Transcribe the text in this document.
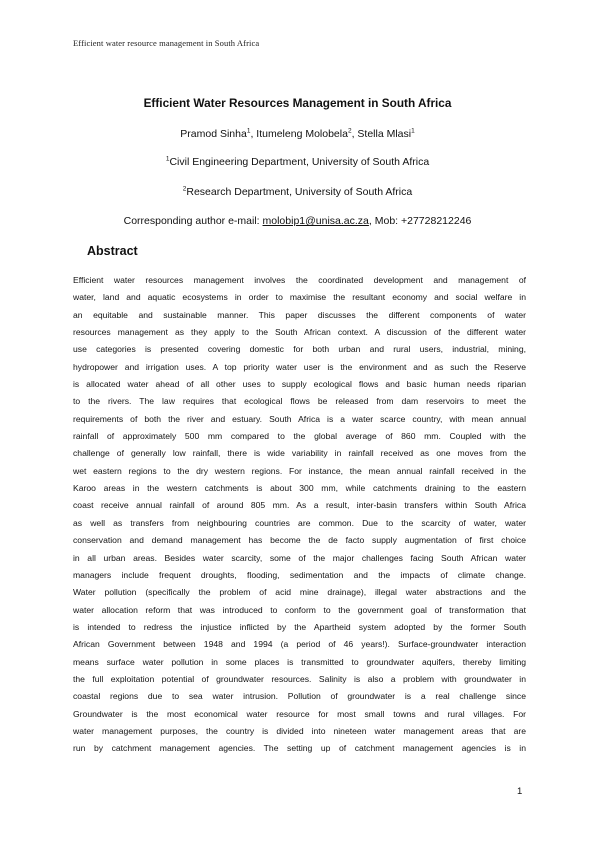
Efficient water resource management in South Africa
Efficient Water Resources Management in South Africa
Pramod Sinha$^1$, Itumeleng Molobela$^2$, Stella Mlasi$^1$
$^1$Civil Engineering Department, University of South Africa
$^2$Research Department, University of South Africa
Corresponding author e-mail: molobip1@unisa.ac.za, Mob: +27728212246
Abstract
Efficient water resources management involves the coordinated development and management of
water, land and aquatic ecosystems in order to maximise the resultant economy and social welfare in
an equitable and sustainable manner. This paper discusses the different components of water
resources management as they apply to the South African context. A discussion of the different water
use categories is presented covering domestic for both urban and rural users, industrial, mining,
hydropower and irrigation uses. A top priority water user is the environment and as such the Reserve
is allocated water ahead of all other uses to supply ecological flows and basic human needs riparian
to the rivers. The law requires that ecological flows be released from dam reservoirs to meet the
requirements of both the river and estuary. South Africa is a water scarce country, with mean annual
rainfall of approximately 500 mm compared to the global average of 860 mm. Coupled with the
challenge of generally low rainfall, there is wide variability in rainfall received as one moves from the
wet eastern regions to the dry western regions. For instance, the mean annual rainfall received in the
Karoo areas in the western catchments is about 300 mm, while catchments draining to the eastern
coast receive annual rainfall of around 805 mm. As a result, inter-basin transfers within South Africa
as well as transfers from neighbouring countries are common. Due to the scarcity of water, water
conservation and demand management has become the de facto supply augmentation of first choice
in all urban areas. Besides water scarcity, some of the major challenges facing South African water
managers include frequent droughts, flooding, sedimentation and the impacts of climate change.
Water pollution (specifically the problem of acid mine drainage), illegal water abstractions and the
water allocation reform that was introduced to conform to the government goal of transformation that
is intended to redress the injustice inflicted by the Apartheid system adopted by the former South
African Government between 1948 and 1994 (a period of 46 years!). Surface-groundwater interaction
means surface water pollution in some places is transmitted to groundwater aquifers, thereby limiting
the full exploitation potential of groundwater resources. Salinity is also a problem with groundwater in
coastal regions due to sea water intrusion. Pollution of groundwater is a real challenge since
Groundwater is the most economical water resource for most small towns and rural villages. For
water management purposes, the country is divided into nineteen water management areas that are
run by catchment management agencies. The setting up of catchment management agencies is in
1
